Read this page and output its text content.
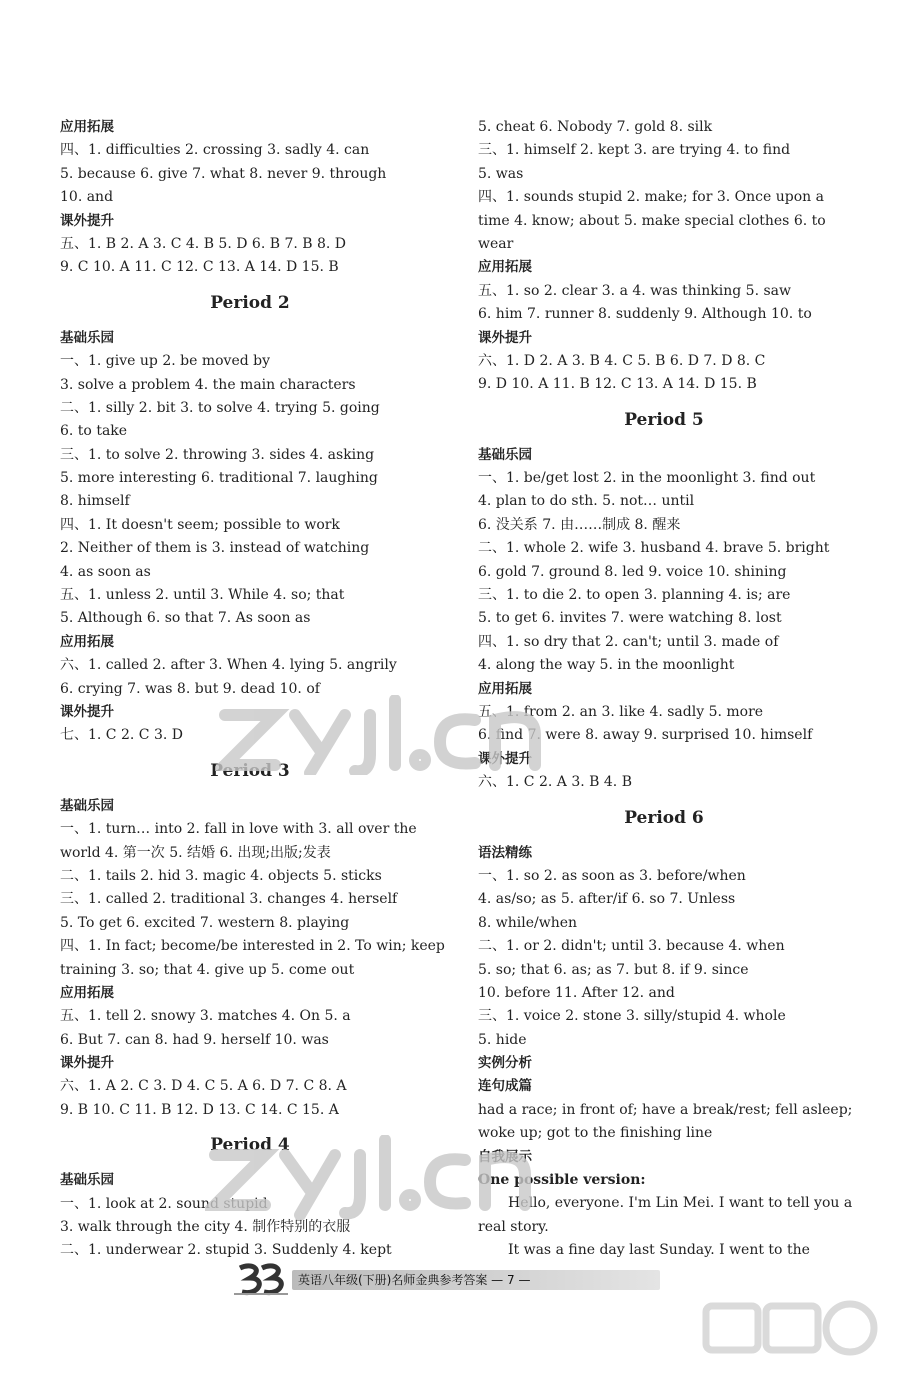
应用拓展
四、1. difficulties 2. crossing 3. sadly 4. can
5. because 6. give 7. what 8. never 9. through
10. and
课外提升
五、1. B 2. A 3. C 4. B 5. D 6. B 7. B 8. D
9. C 10. A 11. C 12. C 13. A 14. D 15. B
Period 2
基础乐园
一、1. give up 2. be moved by
3. solve a problem 4. the main characters
二、1. silly 2. bit 3. to solve 4. trying 5. going
6. to take
三、1. to solve 2. throwing 3. sides 4. asking
5. more interesting 6. traditional 7. laughing
8. himself
四、1. It doesn't seem; possible to work
2. Neither of them is 3. instead of watching
4. as soon as
五、1. unless 2. until 3. While 4. so; that
5. Although 6. so that 7. As soon as
应用拓展
六、1. called 2. after 3. When 4. lying 5. angrily
6. crying 7. was 8. but 9. dead 10. of
课外提升
七、1. C 2. C 3. D
Period 3
基础乐园
一、1. turn… into 2. fall in love with 3. all over the
world 4. 第一次 5. 结婚 6. 出现;出版;发表
二、1. tails 2. hid 3. magic 4. objects 5. sticks
三、1. called 2. traditional 3. changes 4. herself
5. To get 6. excited 7. western 8. playing
四、1. In fact; become/be interested in 2. To win; keep
training 3. so; that 4. give up 5. come out
应用拓展
五、1. tell 2. snowy 3. matches 4. On 5. a
6. But 7. can 8. had 9. herself 10. was
课外提升
六、1. A 2. C 3. D 4. C 5. A 6. D 7. C 8. A
9. B 10. C 11. B 12. D 13. C 14. C 15. A
Period 4
基础乐园
一、1. look at 2. sound stupid
3. walk through the city 4. 制作特别的衣服
二、1. underwear 2. stupid 3. Suddenly 4. kept
5. cheat 6. Nobody 7. gold 8. silk
三、1. himself 2. kept 3. are trying 4. to find
5. was
四、1. sounds stupid 2. make; for 3. Once upon a
time 4. know; about 5. make special clothes 6. to
wear
应用拓展
五、1. so 2. clear 3. a 4. was thinking 5. saw
6. him 7. runner 8. suddenly 9. Although 10. to
课外提升
六、1. D 2. A 3. B 4. C 5. B 6. D 7. D 8. C
9. D 10. A 11. B 12. C 13. A 14. D 15. B
Period 5
基础乐园
一、1. be/get lost 2. in the moonlight 3. find out
4. plan to do sth. 5. not… until
6. 没关系 7. 由……制成 8. 醒来
二、1. whole 2. wife 3. husband 4. brave 5. bright
6. gold 7. ground 8. led 9. voice 10. shining
三、1. to die 2. to open 3. planning 4. is; are
5. to get 6. invites 7. were watching 8. lost
四、1. so dry that 2. can't; until 3. made of
4. along the way 5. in the moonlight
应用拓展
五、1. from 2. an 3. like 4. sadly 5. more
6. find 7. were 8. away 9. surprised 10. himself
课外提升
六、1. C 2. A 3. B 4. B
Period 6
语法精练
一、1. so 2. as soon as 3. before/when
4. as/so; as 5. after/if 6. so 7. Unless
8. while/when
二、1. or 2. didn't; until 3. because 4. when
5. so; that 6. as; as 7. but 8. if 9. since
10. before 11. After 12. and
三、1. voice 2. stone 3. silly/stupid 4. whole
5. hide
实例分析
连句成篇
had a race; in front of; have a break/rest; fell asleep;
woke up; got to the finishing line
自我展示
One possible version:
Hello, everyone. I'm Lin Mei. I want to tell you a
real story.
It was a fine day last Sunday. I went to the
英语八年级(下册)名师金典参考答案 — 7 —
